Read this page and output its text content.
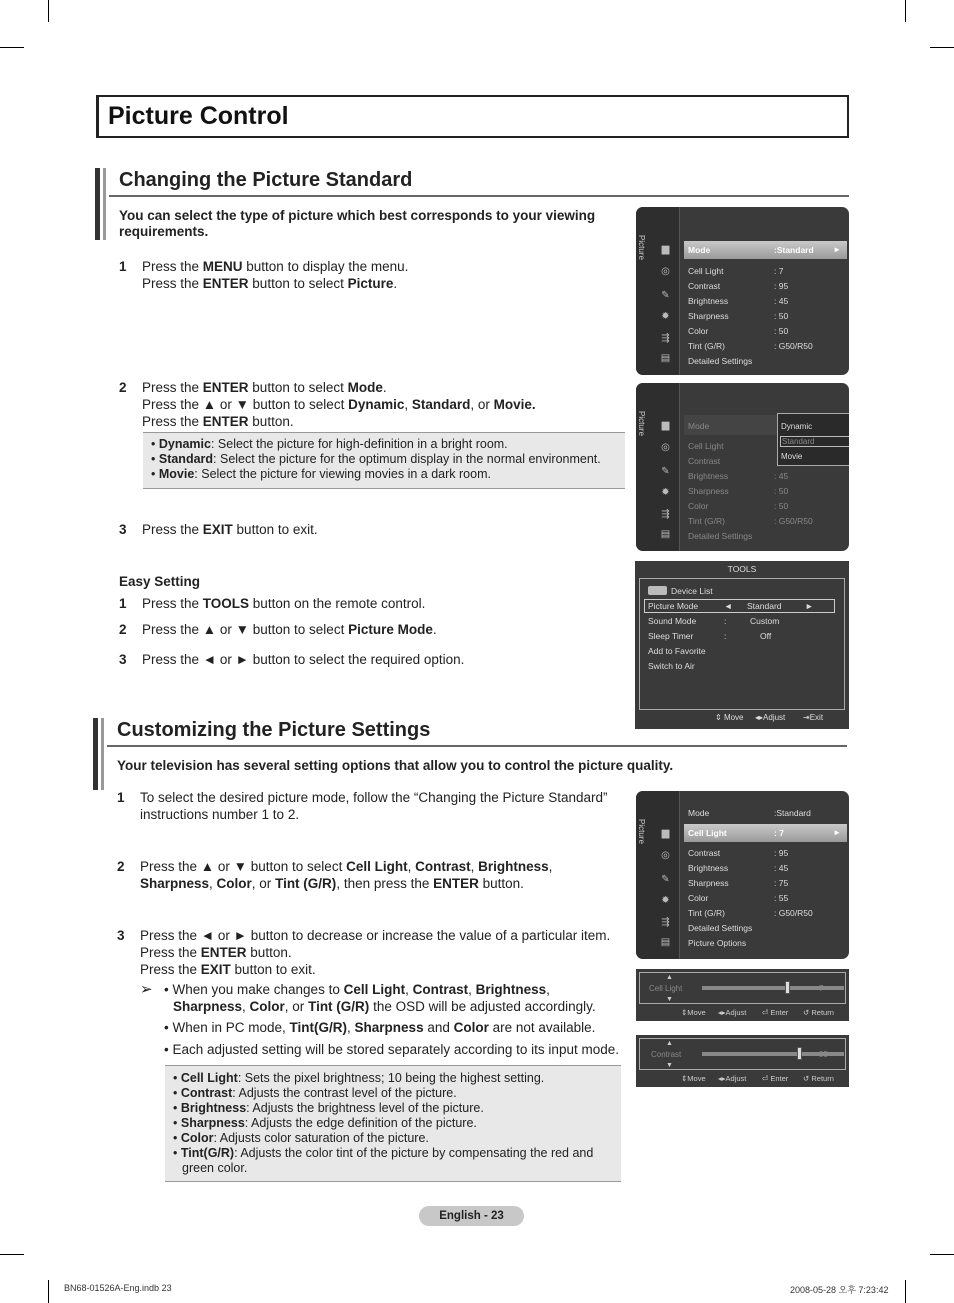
Picture Control
Changing the Picture Standard
You can select the type of picture which best corresponds to your viewing requirements.
1 Press the MENU button to display the menu.
Press the ENTER button to select Picture.
2 Press the ENTER button to select Mode.
Press the ▲ or ▼ button to select Dynamic, Standard, or Movie.
Press the ENTER button.
• Dynamic: Select the picture for high-definition in a bright room.
• Standard: Select the picture for the optimum display in the normal environment.
• Movie: Select the picture for viewing movies in a dark room.
3 Press the EXIT button to exit.
Easy Setting
1 Press the TOOLS button on the remote control.
2 Press the ▲ or ▼ button to select Picture Mode.
3 Press the ◄ or ► button to select the required option.
Picture ▆
◎
✎
✹
⇶
▤
Mode	:Standard ►
Cell Light	: 7
Contrast	: 95
Brightness	: 45
Sharpness	: 50
Color	: 50
Tint (G/R)	: G50/R50
Detailed Settings
Picture ▆
◎
✎
✹
⇶
▤
Mode
Cell Light
Contrast
Brightness	: 45
Sharpness	: 50
Color	: 50
Tint (G/R)	: G50/R50
Detailed Settings
Dynamic
Standard
Movie
TOOLS
Device List
Picture Mode	◄ Standard	►
Sound Mode	:	Custom
Sleep Timer	:	Off
Add to Favorite
Switch to Air
⇕ Move ◂▸Adjust ⇥Exit
Customizing the Picture Settings
Your television has several setting options that allow you to control the picture quality.
1 To select the desired picture mode, follow the “Changing the Picture Standard”
instructions number 1 to 2.
2 Press the ▲ or ▼ button to select Cell Light, Contrast, Brightness,
Sharpness, Color, or Tint (G/R), then press the ENTER button.
3 Press the ◄ or ► button to decrease or increase the value of a particular item.
Press the ENTER button.
Press the EXIT button to exit.
➢ • When you make changes to Cell Light, Contrast, Brightness,
Sharpness, Color, or Tint (G/R) the OSD will be adjusted accordingly.
• When in PC mode, Tint(G/R), Sharpness and Color are not available.
• Each adjusted setting will be stored separately according to its input mode.
• Cell Light: Sets the pixel brightness; 10 being the highest setting.
• Contrast: Adjusts the contrast level of the picture.
• Brightness: Adjusts the brightness level of the picture.
• Sharpness: Adjusts the edge definition of the picture.
• Color: Adjusts color saturation of the picture.
• Tint(G/R): Adjusts the color tint of the picture by compensating the red and
green color.
Picture ▆
◎
✎
✹
⇶
▤
Mode	:Standard
Cell Light	: 7	►
Contrast	: 95
Brightness	: 45
Sharpness	: 75
Color	: 55
Tint (G/R)	: G50/R50
Detailed Settings
Picture Options
▲
Cell Light
▼
7
⇕Move ◂▸Adjust ⏎ Enter ↺ Return
▲
Contrast
▼
95
⇕Move ◂▸Adjust ⏎ Enter ↺ Return
English - 23
BN68-01526A-Eng.indb 23	2008-05-28 오후 7:23:42
